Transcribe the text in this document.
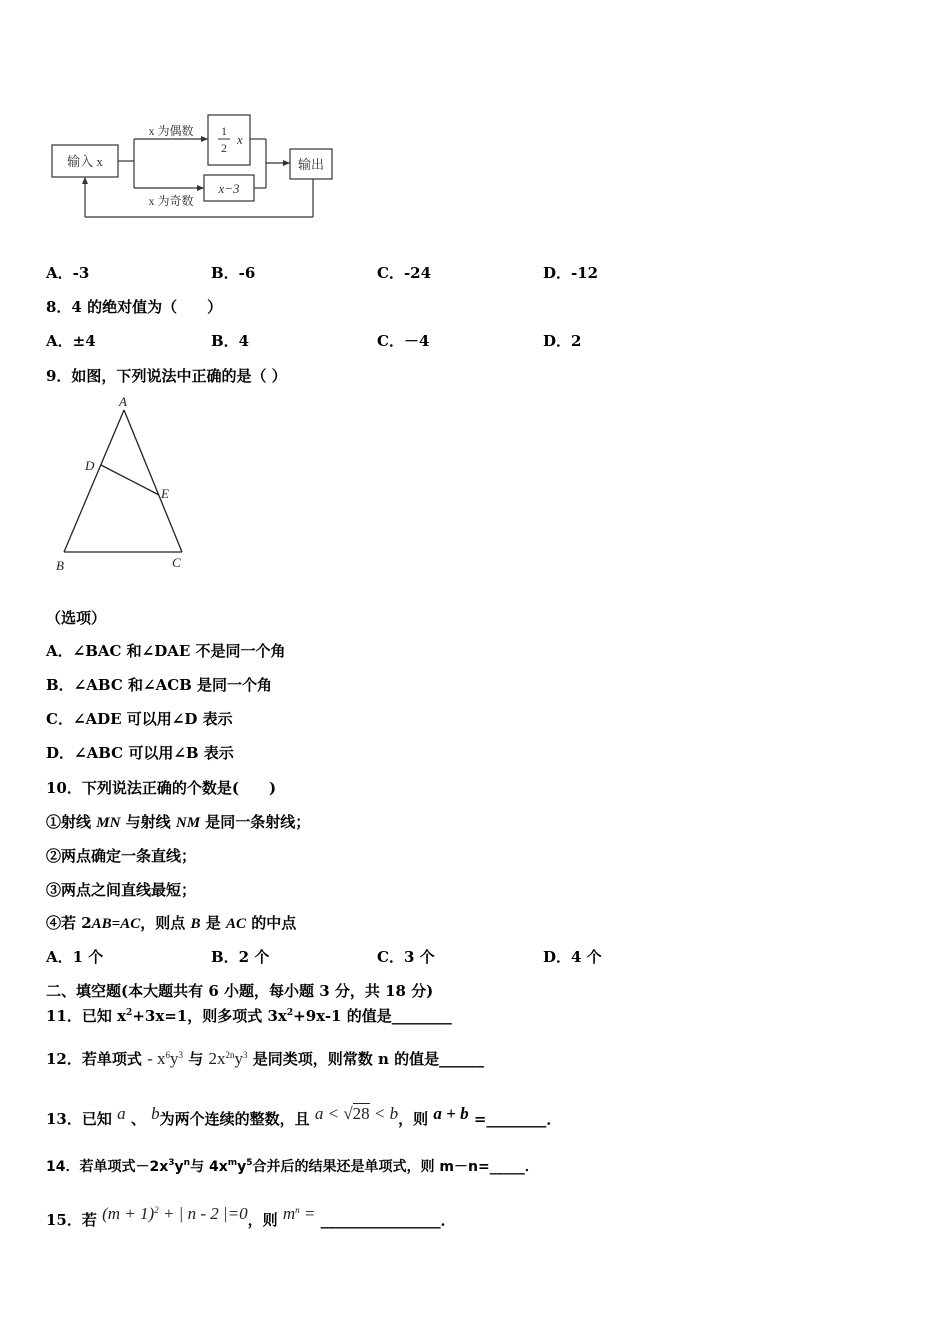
输入 x
x 为偶数
x 为奇数
1
2
x
x−3
输出
A．-3	B．-6	C．-24	D．-12
8．4 的绝对值为（　　）
A．±4	B．4	C．－4	D．2
9．如图，下列说法中正确的是（ ）
A
D
E
B	C
（选项）
A．∠BAC 和∠DAE 不是同一个角
B．∠ABC 和∠ACB 是同一个角
C．∠ADE 可以用∠D 表示
D．∠ABC 可以用∠B 表示
10．下列说法正确的个数是(　　)
①射线 MN 与射线 NM 是同一条射线；
②两点确定一条直线；
③两点之间直线最短；
④若 2AB=AC，则点 B 是 AC 的中点
A．1 个	B．2 个	C．3 个	D．4 个
二、填空题(本大题共有 6 小题，每小题 3 分，共 18 分)
11．已知 $x^2+3x=1$，则多项式 $3x^2+9x-1$ 的值是________
12．若单项式 - $x^6y^3$ 与 $2x^{2n}y^3$ 是同类项，则常数 n 的值是______
13．已知 a 、 b为两个连续的整数，且 a < √28 < b，则 a + b =________．
14．若单项式$-2x^3y^n$与 $4x^my^5$合并后的结果还是单项式，则 m－n=_____．
15．若 $(m + 1)^2$ + | n - 2 |=0，则 $m^n$ = ________________．
